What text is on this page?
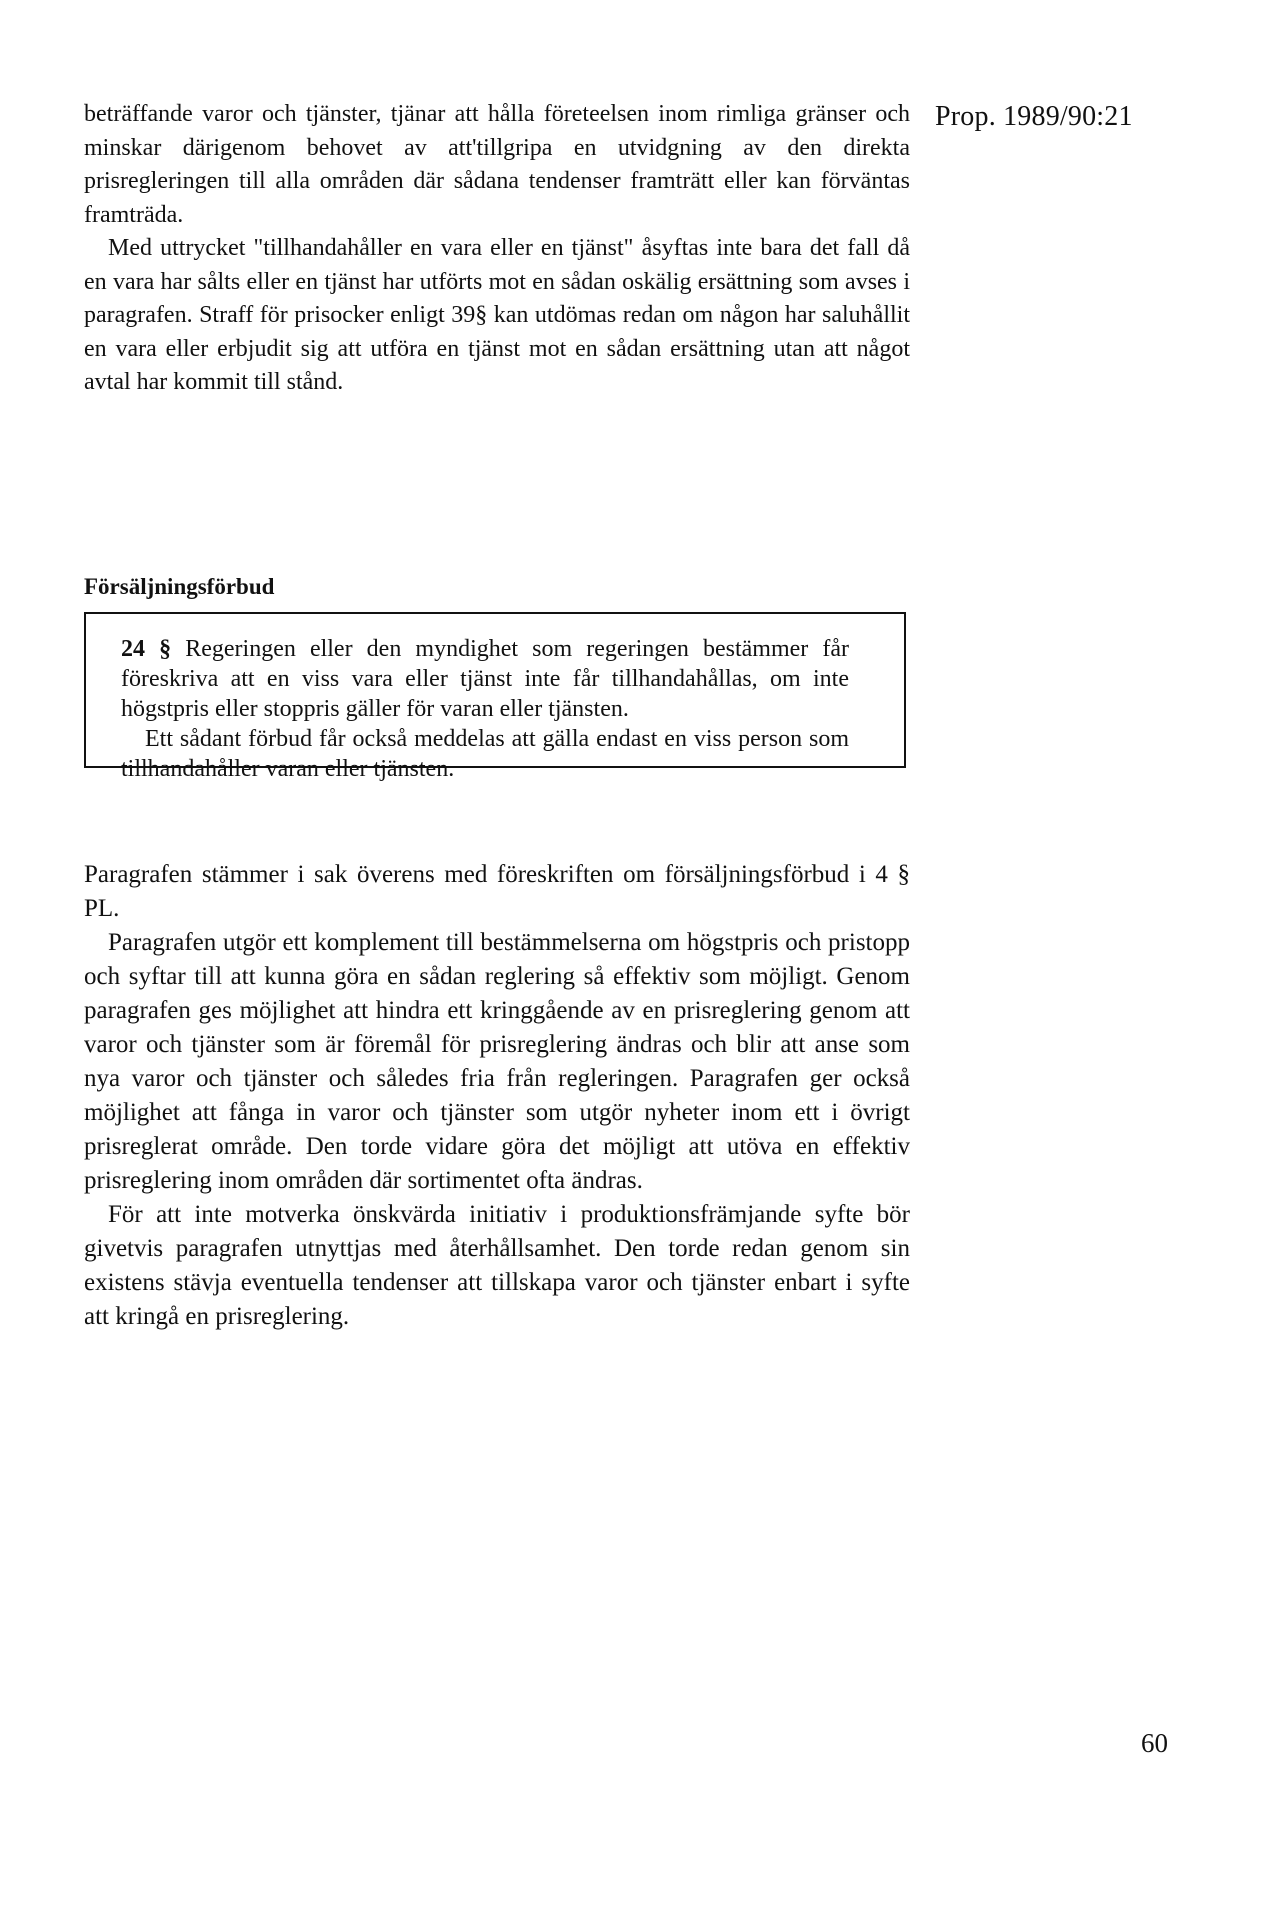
Prop. 1989/90:21

beträffande varor och tjänster, tjänar att hålla företeelsen inom rimliga gränser och minskar därigenom behovet av att'tillgripa en utvidgning av den direkta prisregleringen till alla områden där sådana tendenser framträtt eller kan förväntas framträda.

Med uttrycket "tillhandahåller en vara eller en tjänst" åsyftas inte bara det fall då en vara har sålts eller en tjänst har utförts mot en sådan oskälig ersättning som avses i paragrafen. Straff för prisocker enligt 39§ kan utdömas redan om någon har saluhållit en vara eller erbjudit sig att utföra en tjänst mot en sådan ersättning utan att något avtal har kommit till stånd.

Försäljningsförbud

24 § Regeringen eller den myndighet som regeringen bestämmer får föreskriva att en viss vara eller tjänst inte får tillhandahållas, om inte högstpris eller stoppris gäller för varan eller tjänsten.

Ett sådant förbud får också meddelas att gälla endast en viss person som tillhandahåller varan eller tjänsten.

Paragrafen stämmer i sak överens med föreskriften om försäljningsförbud i 4 § PL.

Paragrafen utgör ett komplement till bestämmelserna om högstpris och pristopp och syftar till att kunna göra en sådan reglering så effektiv som möjligt. Genom paragrafen ges möjlighet att hindra ett kringgående av en prisreglering genom att varor och tjänster som är föremål för prisreglering ändras och blir att anse som nya varor och tjänster och således fria från regleringen. Paragrafen ger också möjlighet att fånga in varor och tjänster som utgör nyheter inom ett i övrigt prisreglerat område. Den torde vidare göra det möjligt att utöva en effektiv prisreglering inom områden där sortimentet ofta ändras.

För att inte motverka önskvärda initiativ i produktionsfrämjande syfte bör givetvis paragrafen utnyttjas med återhållsamhet. Den torde redan genom sin existens stävja eventuella tendenser att tillskapa varor och tjänster enbart i syfte att kringå en prisreglering.

60
